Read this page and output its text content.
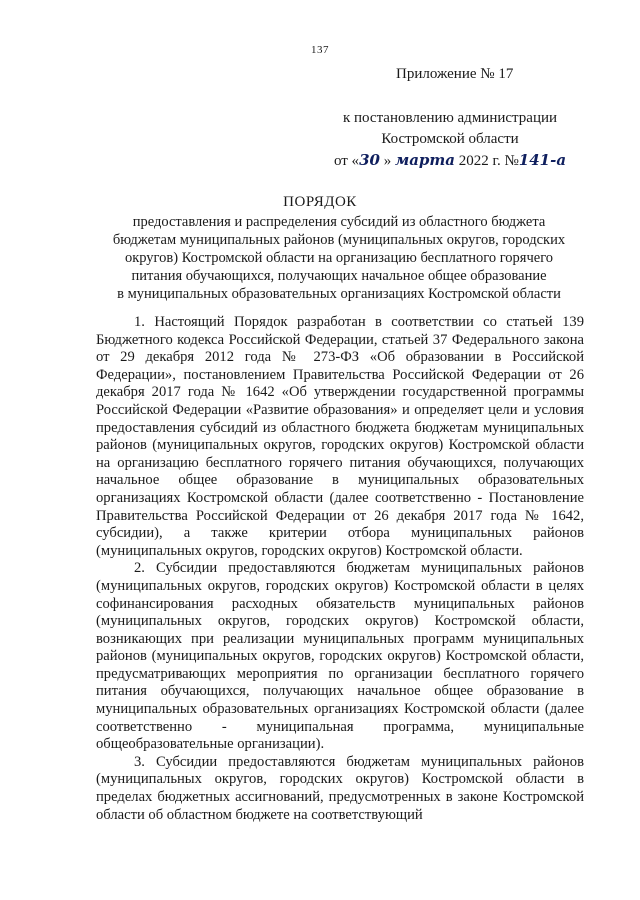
137
Приложение № 17
к постановлению администрации
Костромской области
от «30 » марта 2022 г. №141-а
ПОРЯДОК
предоставления и распределения субсидий из областного бюджета
бюджетам муниципальных районов (муниципальных округов, городских
округов) Костромской области на организацию бесплатного горячего
питания обучающихся, получающих начальное общее образование
в муниципальных образовательных организациях Костромской области

1. Настоящий Порядок разработан в соответствии со статьей 139 Бюджетного кодекса Российской Федерации, статьей 37 Федерального закона от 29 декабря 2012 года № 273-ФЗ «Об образовании в Российской Федерации», постановлением Правительства Российской Федерации от 26 декабря 2017 года № 1642 «Об утверждении государственной программы Российской Федерации «Развитие образования» и определяет цели и условия предоставления субсидий из областного бюджета бюджетам муниципальных районов (муниципальных округов, городских округов) Костромской области на организацию бесплатного горячего питания обучающихся, получающих начальное общее образование в муниципальных образовательных организациях Костромской области (далее соответственно - Постановление Правительства Российской Федерации от 26 декабря 2017 года № 1642, субсидии), а также критерии отбора муниципальных районов (муниципальных округов, городских округов) Костромской области.

2. Субсидии предоставляются бюджетам муниципальных районов (муниципальных округов, городских округов) Костромской области в целях софинансирования расходных обязательств муниципальных районов (муниципальных округов, городских округов) Костромской области, возникающих при реализации муниципальных программ муниципальных районов (муниципальных округов, городских округов) Костромской области, предусматривающих мероприятия по организации бесплатного горячего питания обучающихся, получающих начальное общее образование в муниципальных образовательных организациях Костромской области (далее соответственно - муниципальная программа, муниципальные общеобразовательные организации).

3. Субсидии предоставляются бюджетам муниципальных районов (муниципальных округов, городских округов) Костромской области в пределах бюджетных ассигнований, предусмотренных в законе Костромской области об областном бюджете на соответствующий
